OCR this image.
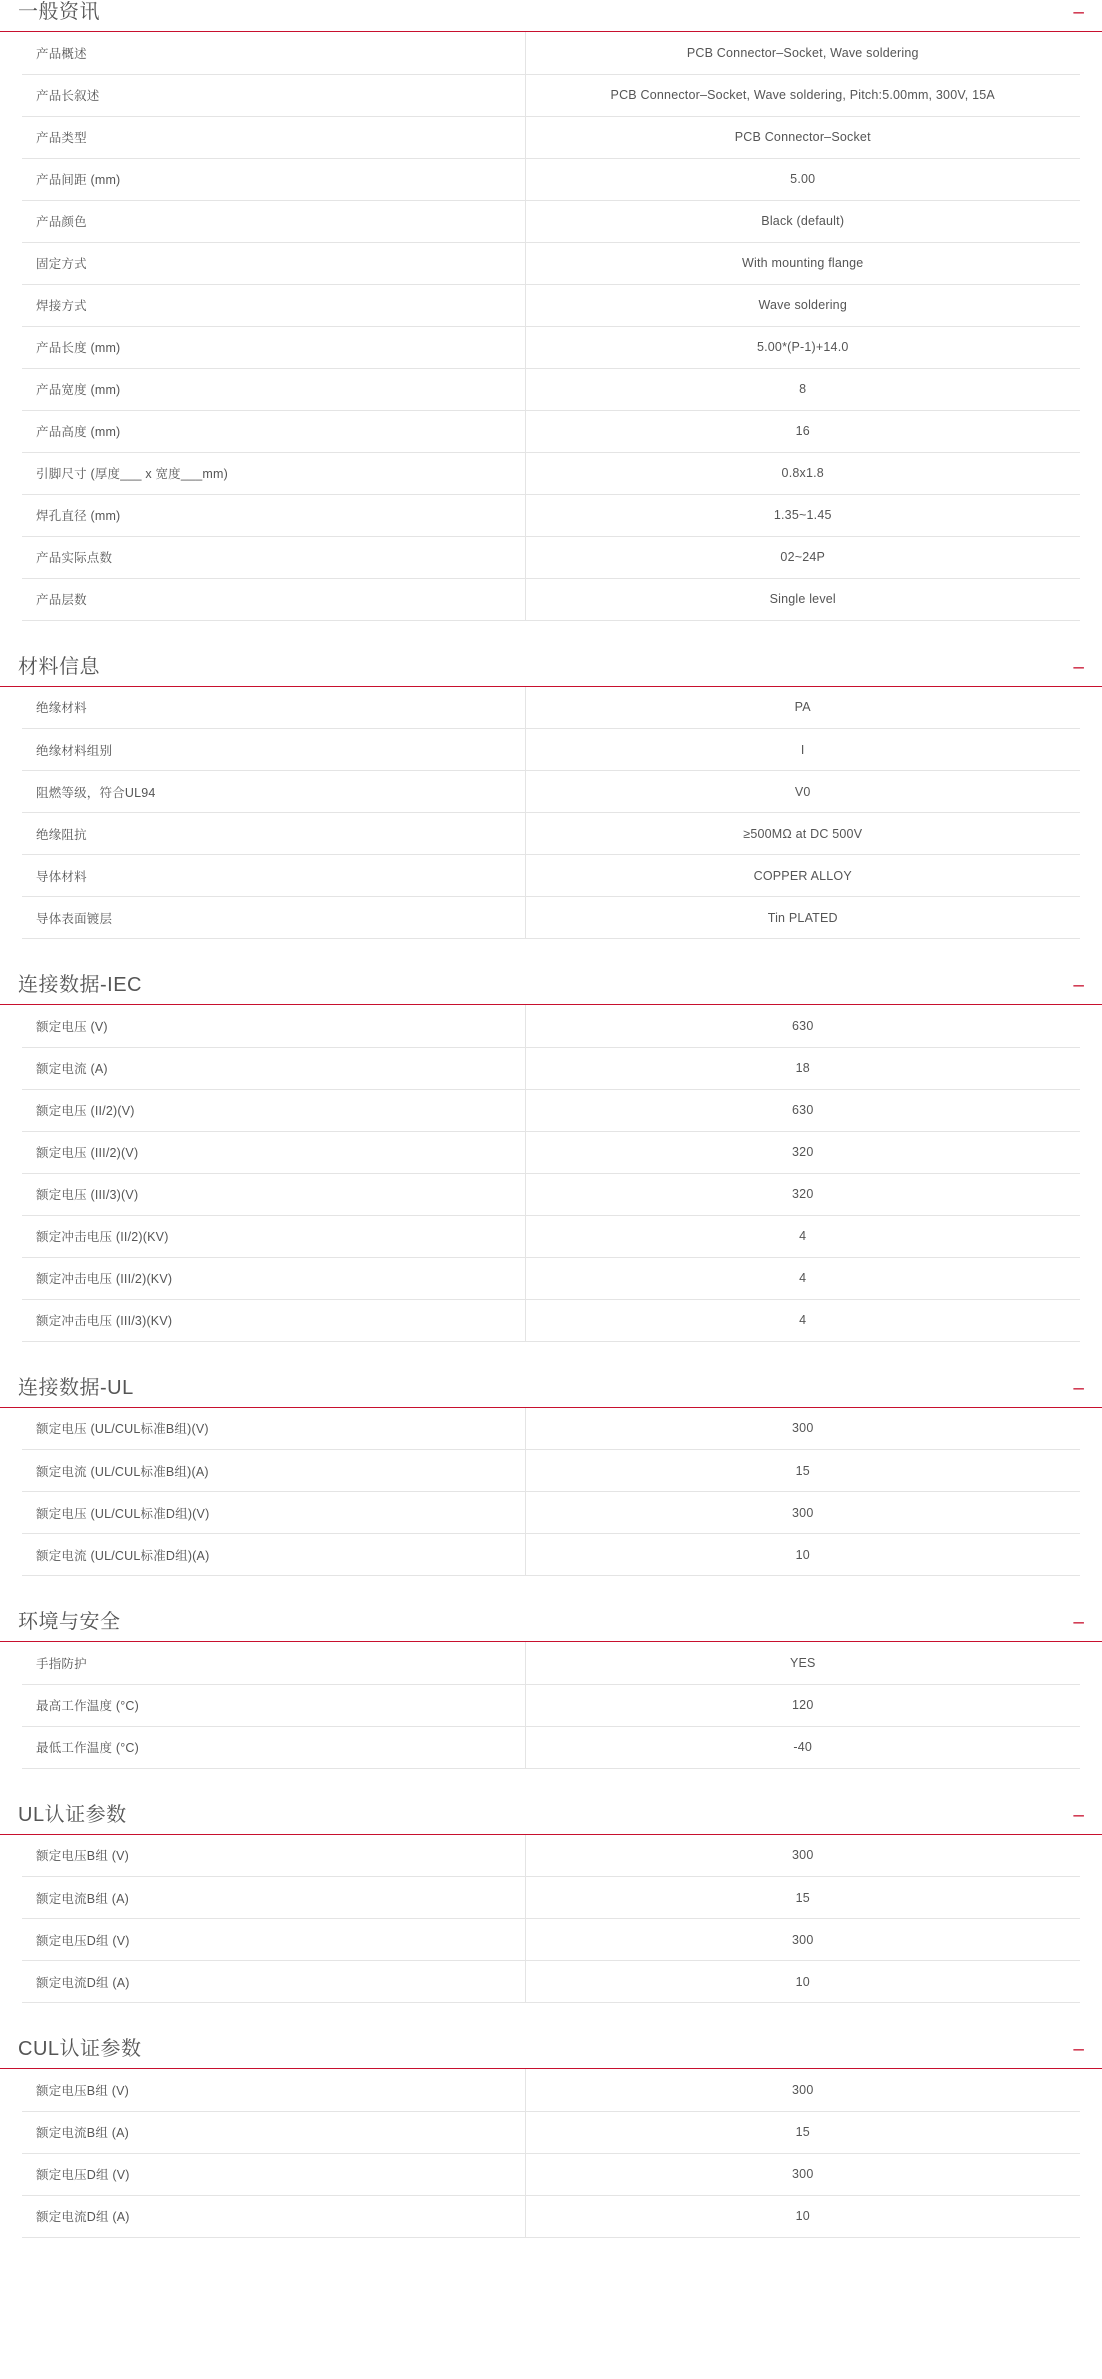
一般资讯	–
产品概述	PCB Connector–Socket, Wave soldering
产品长叙述	PCB Connector–Socket, Wave soldering, Pitch:5.00mm, 300V, 15A
产品类型	PCB Connector–Socket
产品间距 (mm)	5.00
产品颜色	Black (default)
固定方式	With mounting flange
焊接方式	Wave soldering
产品长度 (mm)	5.00*(P-1)+14.0
产品宽度 (mm)	8
产品高度 (mm)	16
引脚尺寸 (厚度___ x 宽度___mm)	0.8x1.8
焊孔直径 (mm)	1.35~1.45
产品实际点数	02~24P
产品层数	Single level
材料信息	–
绝缘材料	PA
绝缘材料组别	I
阻燃等级，符合UL94	V0
绝缘阻抗	≥500MΩ at DC 500V
导体材料	COPPER ALLOY
导体表面镀层	Tin PLATED
连接数据-IEC	–
额定电压 (V)	630
额定电流 (A)	18
额定电压 (II/2)(V)	630
额定电压 (III/2)(V)	320
额定电压 (III/3)(V)	320
额定冲击电压 (II/2)(KV)	4
额定冲击电压 (III/2)(KV)	4
额定冲击电压 (III/3)(KV)	4
连接数据-UL	–
额定电压 (UL/CUL标准B组)(V)	300
额定电流 (UL/CUL标准B组)(A)	15
额定电压 (UL/CUL标准D组)(V)	300
额定电流 (UL/CUL标准D组)(A)	10
环境与安全	–
手指防护	YES
最高工作温度 (°C)	120
最低工作温度 (°C)	-40
UL认证参数	–
额定电压B组 (V)	300
额定电流B组 (A)	15
额定电压D组 (V)	300
额定电流D组 (A)	10
CUL认证参数	–
额定电压B组 (V)	300
额定电流B组 (A)	15
额定电压D组 (V)	300
额定电流D组 (A)	10
